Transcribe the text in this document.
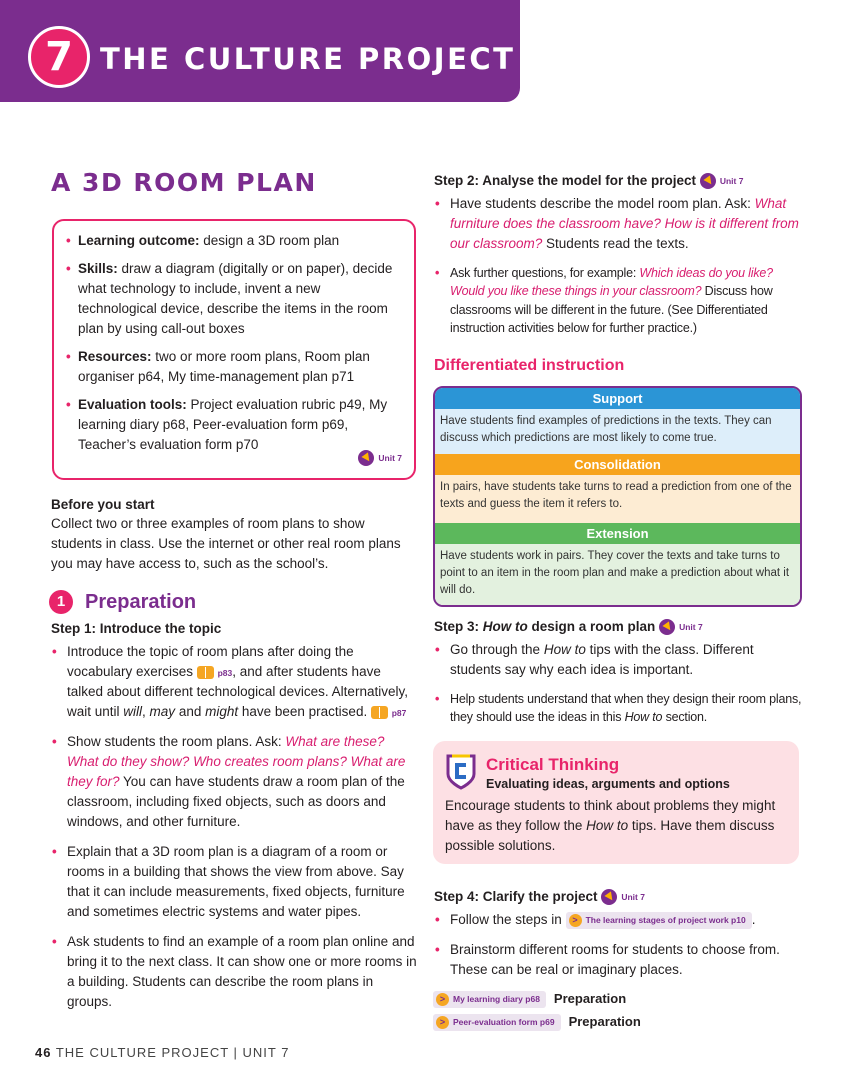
7 THE CULTURE PROJECT
A 3D ROOM PLAN
• Learning outcome: design a 3D room plan
• Skills: draw a diagram (digitally or on paper), decide what technology to include, invent a new technological device, describe the items in the room plan by using call-out boxes
• Resources: two or more room plans, Room plan organiser p64, My time-management plan p71
• Evaluation tools: Project evaluation rubric p49, My learning diary p68, Peer-evaluation form p69, Teacher’s evaluation form p70
Unit 7
Before you start
Collect two or three examples of room plans to show students in class. Use the internet or other real room plans you may have access to, such as the school’s.
1 Preparation
Step 1: Introduce the topic
• Introduce the topic of room plans after doing the vocabulary exercises  p83, and after students have talked about different technological devices. Alternatively, wait until will, may and might have been practised.  p87
• Show students the room plans. Ask: What are these? What do they show? Who creates room plans? What are they for? You can have students draw a room plan of the classroom, including fixed objects, such as doors and windows, and other furniture.
• Explain that a 3D room plan is a diagram of a room or rooms in a building that shows the view from above. Say that it can include measurements, fixed objects, furniture and sometimes electric systems and water pipes.
• Ask students to find an example of a room plan online and bring it to the next class. It can show one or more rooms in a building. Students can describe the room plans in groups.
Step 2: Analyse the model for the project	Unit 7
• Have students describe the model room plan. Ask: What furniture does the classroom have? How is it different from our classroom? Students read the texts.
• Ask further questions, for example: Which ideas do you like? Would you like these things in your classroom? Discuss how classrooms will be different in the future. (See Differentiated instruction activities below for further practice.)
Differentiated instruction
Support
Have students find examples of predictions in the texts. They can discuss which predictions are most likely to come true.
Consolidation
In pairs, have students take turns to read a prediction from one of the texts and guess the item it refers to.
Extension
Have students work in pairs. They cover the texts and take turns to point to an item in the room plan and make a prediction about what it will do.
Step 3: How to design a room plan	Unit 7
• Go through the How to tips with the class. Different students say why each idea is important.
• Help students understand that when they design their room plans, they should use the ideas in this How to section.
Critical Thinking
Evaluating ideas, arguments and options
Encourage students to think about problems they might have as they follow the How to tips. Have them discuss possible solutions.
Step 4: Clarify the project	Unit 7
• Follow the steps in > The learning stages of project work p10 .
• Brainstorm different rooms for students to choose from. These can be real or imaginary places.
> My learning diary p68 Preparation
> Peer-evaluation form p69 Preparation
46 THE CULTURE PROJECT | UNIT 7
